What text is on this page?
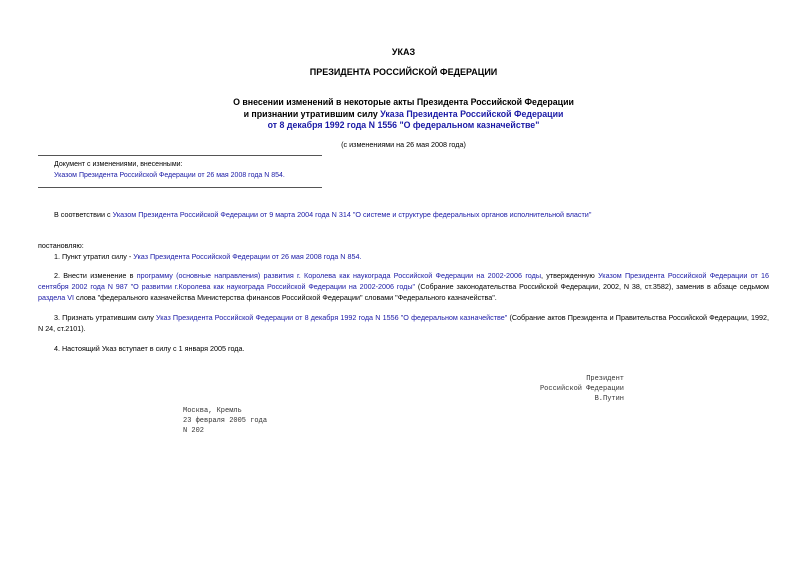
УКАЗ
ПРЕЗИДЕНТА РОССИЙСКОЙ ФЕДЕРАЦИИ
О внесении изменений в некоторые акты Президента Российской Федерации
и признании утратившим силу Указа Президента Российской Федерации
от 8 декабря 1992 года N 1556 "О федеральном казначействе"
(с изменениями на 26 мая 2008 года)
Документ с изменениями, внесенными:
Указом Президента Российской Федерации от 26 мая 2008 года N 854.
В соответствии с Указом Президента Российской Федерации от 9 марта 2004 года N 314 "О системе и структуре федеральных органов исполнительной власти"
постановляю:
1. Пункт утратил силу - Указ Президента Российской Федерации от 26 мая 2008 года N 854.
2. Внести изменение в программу (основные направления) развития г. Королева как наукограда Российской Федерации на 2002-2006 годы, утвержденную Указом Президента Российской Федерации от 16 сентября 2002 года N 987 "О развитии г.Королева как наукограда Российской Федерации на 2002-2006 годы" (Собрание законодательства Российской Федерации, 2002, N 38, ст.3582), заменив в абзаце седьмом раздела VI слова "федерального казначейства Министерства финансов Российской Федерации" словами "Федерального казначейства".
3. Признать утратившим силу Указ Президента Российской Федерации от 8 декабря 1992 года N 1556 "О федеральном казначействе" (Собрание актов Президента и Правительства Российской Федерации, 1992, N 24, ст.2101).
4. Настоящий Указ вступает в силу с 1 января 2005 года.
Президент
Российской Федерации
В.Путин
Москва, Кремль
23 февраля 2005 года
N 202
